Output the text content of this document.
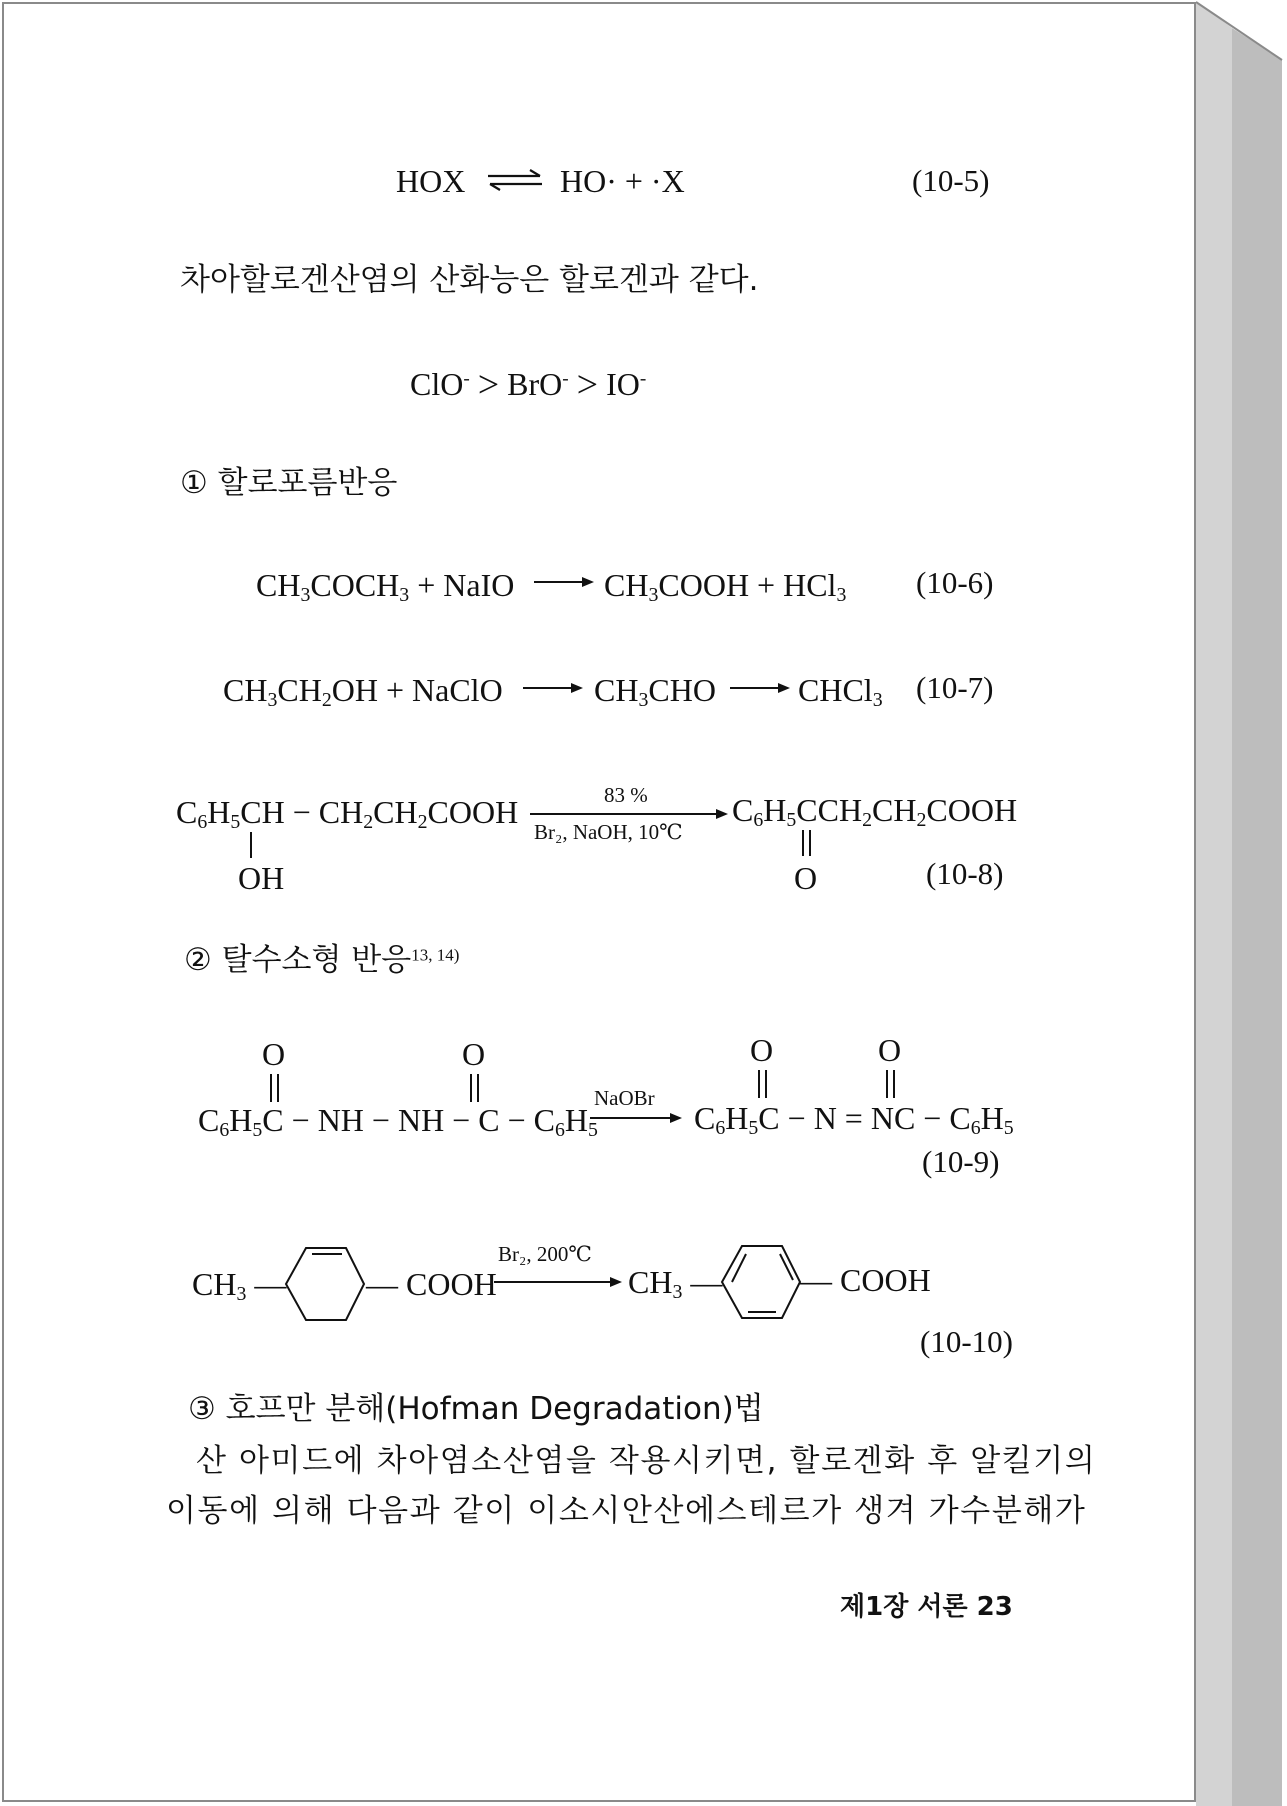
HOX ⇌ HO· + ·X	(10-5)
차아할로겐산염의 산화능은 할로겐과 같다.
ClO- > BrO- > IO-
① 할로포름반응
$CH_3COCH_3$ + NaIO → $CH_3COOH + HCl_3$ (10-6)
$CH_3CH_2OH$ + NaClO → $CH_3CHO$ → CHCl$_3$ (10-7)
$C_6H_5CH$ − $CH_2CH_2COOH$
OH
83 %
Br₂, NaOH, 10℃
$C_6H_5CCH_2CH_2COOH$
O	(10-8)
② 탈수소형 반응$^{13, 14)}$
O	O	O	O
$C_6H_5C$ − NH − NH − $C - C_6H_5$
NaOBr
$C_6H_5C - N$ = NC − $C_6H_5$
(10-9)
$CH_3$ — — COOH
Br₂, 200℃
$CH_3$ — — COOH
(10-10)
③ 호프만 분해(Hofman Degradation)법
산 아미드에 차아염소산염을 작용시키면, 할로겐화 후 알킬기의
이동에 의해 다음과 같이 이소시안산에스테르가 생겨 가수분해가
제1장 서론 23
